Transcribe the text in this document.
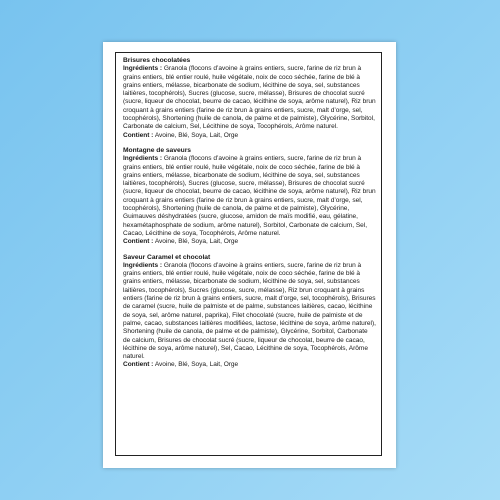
Brisures chocolatées

Ingrédients : Granola (flocons d’avoine à grains entiers, sucre, farine de riz brun à grains entiers, blé entier roulé, huile végétale, noix de coco séchée, farine de blé à grains entiers, mélasse, bicarbonate de sodium, lécithine de soya, sel, substances laitières, tocophérols), Sucres (glucose, sucre, mélasse), Brisures de chocolat sucré (sucre, liqueur de chocolat, beurre de cacao, lécithine de soya, arôme naturel), Riz brun croquant à grains entiers (farine de riz brun à grains entiers, sucre, malt d’orge, sel, tocophérols), Shortening (huile de canola, de palme et de palmiste), Glycérine, Sorbitol, Carbonate de calcium, Sel, Lécithine de soya, Tocophérols, Arôme naturel.

Contient : Avoine, Blé, Soya, Lait, Orge

Montagne de saveurs

Ingrédients : Granola (flocons d’avoine à grains entiers, sucre, farine de riz brun à grains entiers, blé entier roulé, huile végétale, noix de coco séchée, farine de blé à grains entiers, mélasse, bicarbonate de sodium, lécithine de soya, sel, substances laitières, tocophérols), Sucres (glucose, sucre, mélasse), Brisures de chocolat sucré (sucre, liqueur de chocolat, beurre de cacao, lécithine de soya, arôme naturel), Riz brun croquant à grains entiers (farine de riz brun à grains entiers, sucre, malt d’orge, sel, tocophérols), Shortening (huile de canola, de palme et de palmiste), Glycérine, Guimauves déshydratées (sucre, glucose, amidon de maïs modifié, eau, gélatine, hexamétaphosphate de sodium, arôme naturel), Sorbitol, Carbonate de calcium, Sel, Cacao, Lécithine de soya, Tocophérols, Arôme naturel.

Contient : Avoine, Blé, Soya, Lait, Orge

Saveur Caramel et chocolat

Ingrédients : Granola (flocons d’avoine à grains entiers, sucre, farine de riz brun à grains entiers, blé entier roulé, huile végétale, noix de coco séchée, farine de blé à grains entiers, mélasse, bicarbonate de sodium, lécithine de soya, sel, substances laitières, tocophérols), Sucres (glucose, sucre, mélasse), Riz brun croquant à grains entiers (farine de riz brun à grains entiers, sucre, malt d’orge, sel, tocophérols), Brisures de caramel (sucre, huile de palmiste et de palme, substances laitières, cacao, lécithine de soya, sel, arôme naturel, paprika), Filet chocolaté (sucre, huile de palmiste et de palme, cacao, substances laitières modifiées, lactose, lécithine de soya, arôme naturel), Shortening (huile de canola, de palme et de palmiste), Glycérine, Sorbitol, Carbonate de calcium, Brisures de chocolat sucré (sucre, liqueur de chocolat, beurre de cacao, lécithine de soya, arôme naturel), Sel, Cacao, Lécithine de soya, Tocophérols, Arôme naturel.

Contient : Avoine, Blé, Soya, Lait, Orge
